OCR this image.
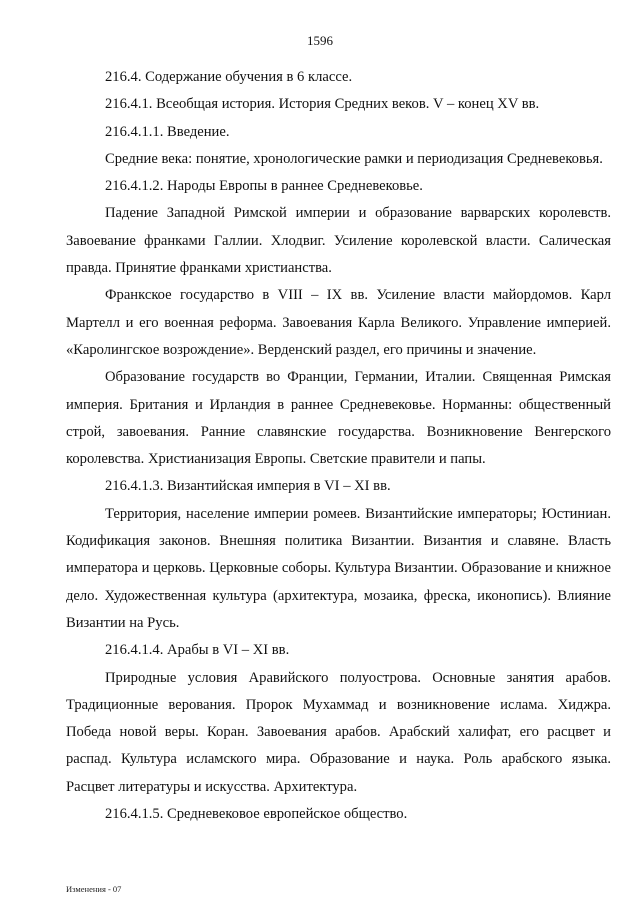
1596

216.4. Содержание обучения в 6 классе.

216.4.1. Всеобщая история. История Средних веков. V – конец XV вв.

216.4.1.1. Введение.

Средние века: понятие, хронологические рамки и периодизация Средневековья.

216.4.1.2. Народы Европы в раннее Средневековье.

Падение Западной Римской империи и образование варварских королевств. Завоевание франками Галлии. Хлодвиг. Усиление королевской власти. Салическая правда. Принятие франками христианства.

Франкское государство в VIII – IX вв. Усиление власти майордомов. Карл Мартелл и его военная реформа. Завоевания Карла Великого. Управление империей. «Каролингское возрождение». Верденский раздел, его причины и значение.

Образование государств во Франции, Германии, Италии. Священная Римская империя. Британия и Ирландия в раннее Средневековье. Норманны: общественный строй, завоевания. Ранние славянские государства. Возникновение Венгерского королевства. Христианизация Европы. Светские правители и папы.

216.4.1.3. Византийская империя в VI – XI вв.

Территория, население империи ромеев. Византийские императоры; Юстиниан. Кодификация законов. Внешняя политика Византии. Византия и славяне. Власть императора и церковь. Церковные соборы. Культура Византии. Образование и книжное дело. Художественная культура (архитектура, мозаика, фреска, иконопись). Влияние Византии на Русь.

216.4.1.4. Арабы в VI – XI вв.

Природные условия Аравийского полуострова. Основные занятия арабов. Традиционные верования. Пророк Мухаммад и возникновение ислама. Хиджра. Победа новой веры. Коран. Завоевания арабов. Арабский халифат, его расцвет и распад. Культура исламского мира. Образование и наука. Роль арабского языка. Расцвет литературы и искусства. Архитектура.

216.4.1.5. Средневековое европейское общество.

Изменения - 07
